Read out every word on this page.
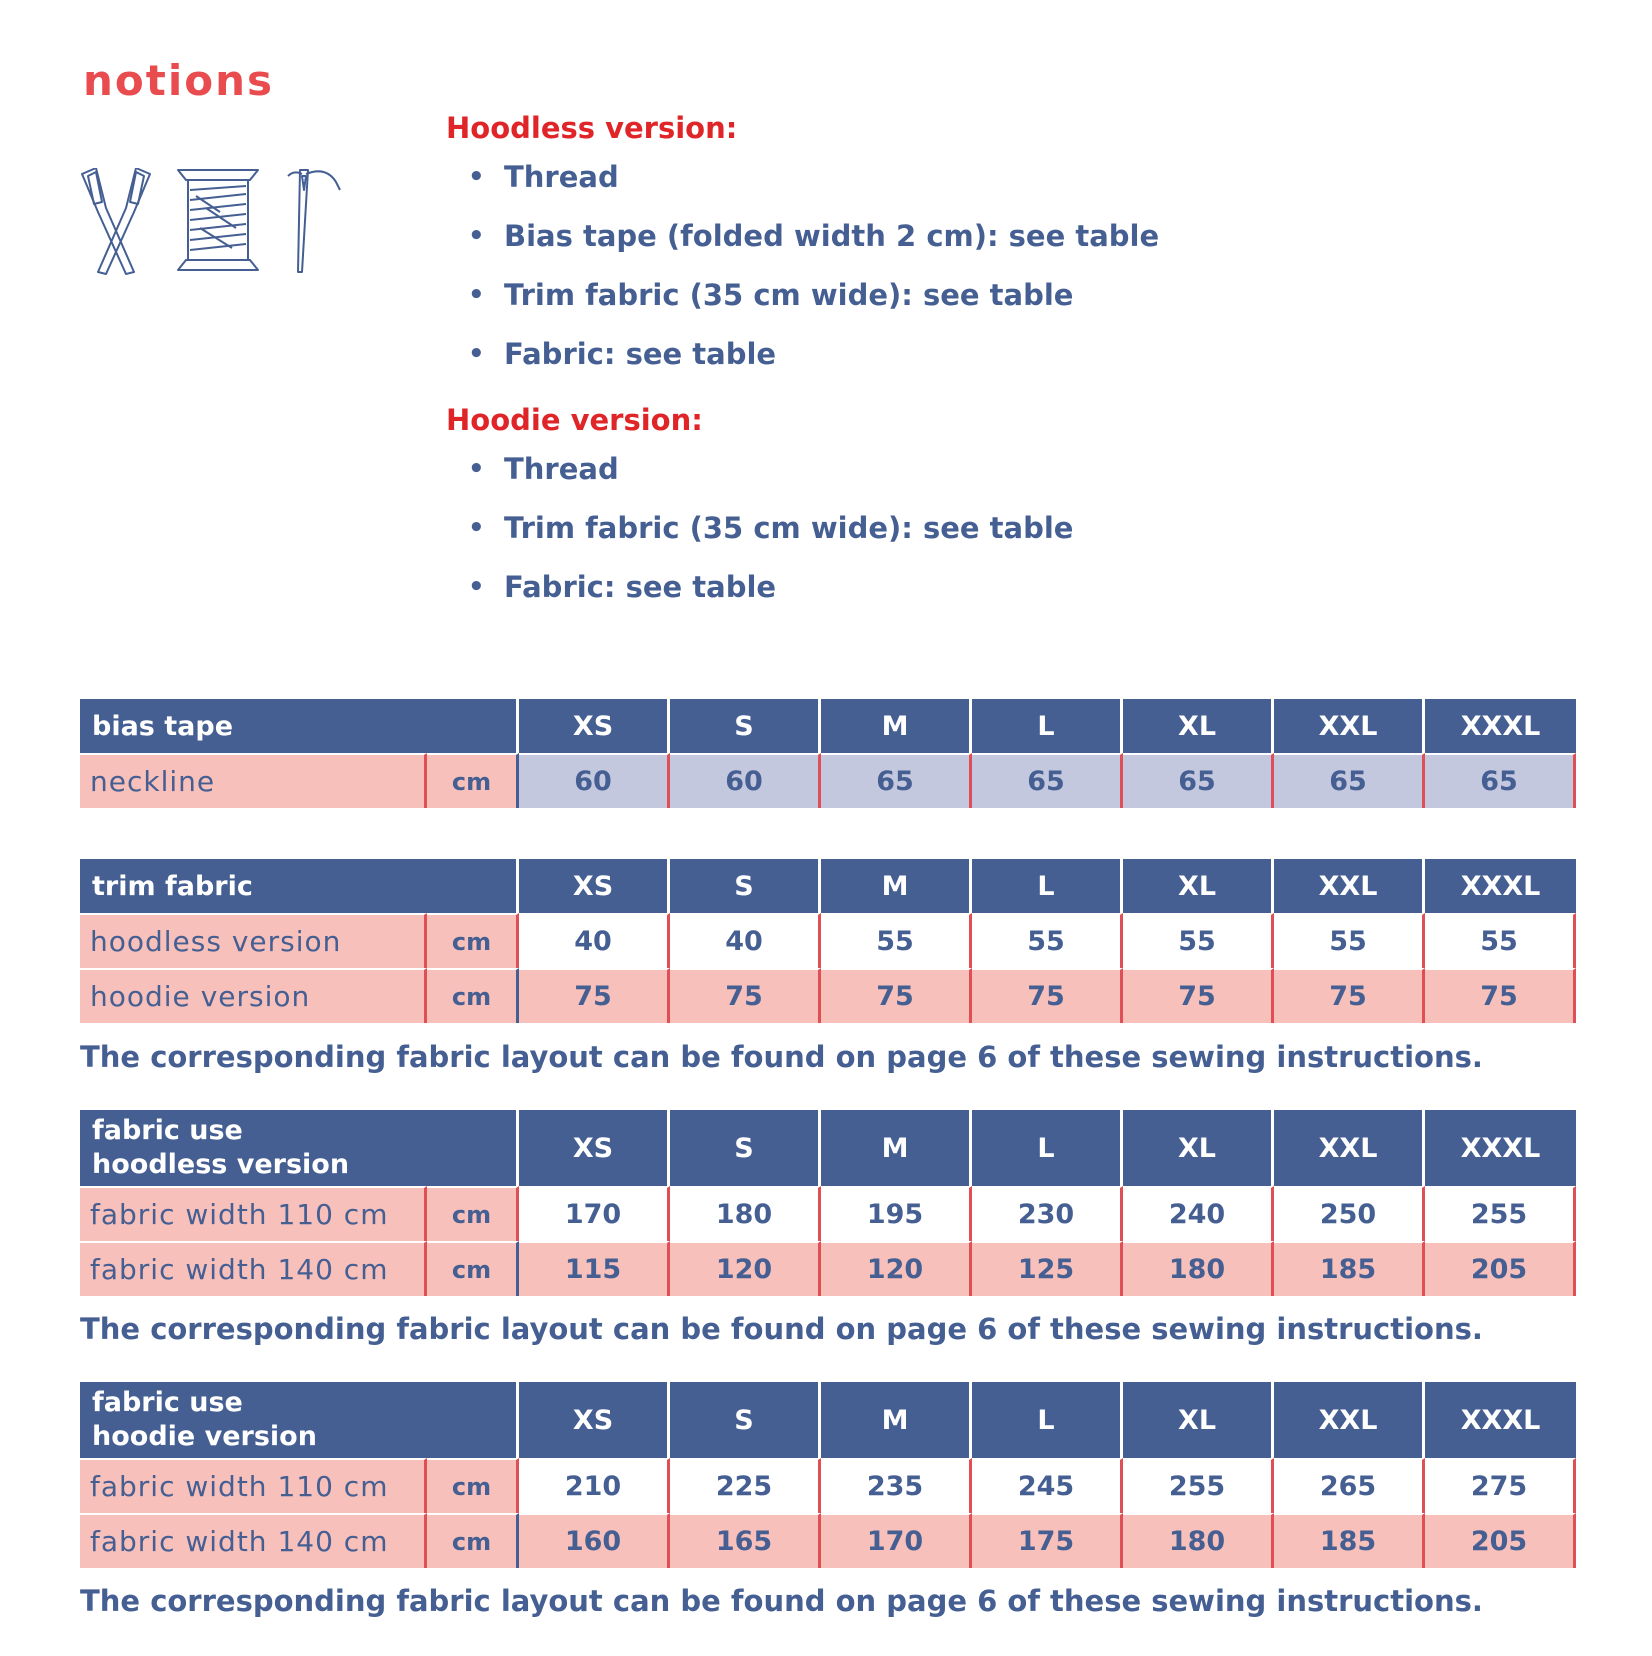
notions
Hoodless version:
• Thread
• Bias tape (folded width 2 cm): see table
• Trim fabric (35 cm wide): see table
• Fabric: see table
Hoodie version:
• Thread
• Trim fabric (35 cm wide): see table
• Fabric: see table
bias tape		XS	S	M	L	XL	XXL	XXXL
neckline	cm	60	60	65	65	65	65	65
trim fabric		XS	S	M	L	XL	XXL	XXXL
hoodless version	cm	40	40	55	55	55	55	55
hoodie version	cm	75	75	75	75	75	75	75

The corresponding fabric layout can be found on page 6 of these sewing instructions.

fabric use
hoodless version		XS	S	M	L	XL	XXL	XXXL
fabric width 110 cm	cm	170	180	195	230	240	250	255
fabric width 140 cm	cm	115	120	120	125	180	185	205

The corresponding fabric layout can be found on page 6 of these sewing instructions.

fabric use
hoodie version		XS	S	M	L	XL	XXL	XXXL
fabric width 110 cm	cm	210	225	235	245	255	265	275
fabric width 140 cm	cm	160	165	170	175	180	185	205

The corresponding fabric layout can be found on page 6 of these sewing instructions.
